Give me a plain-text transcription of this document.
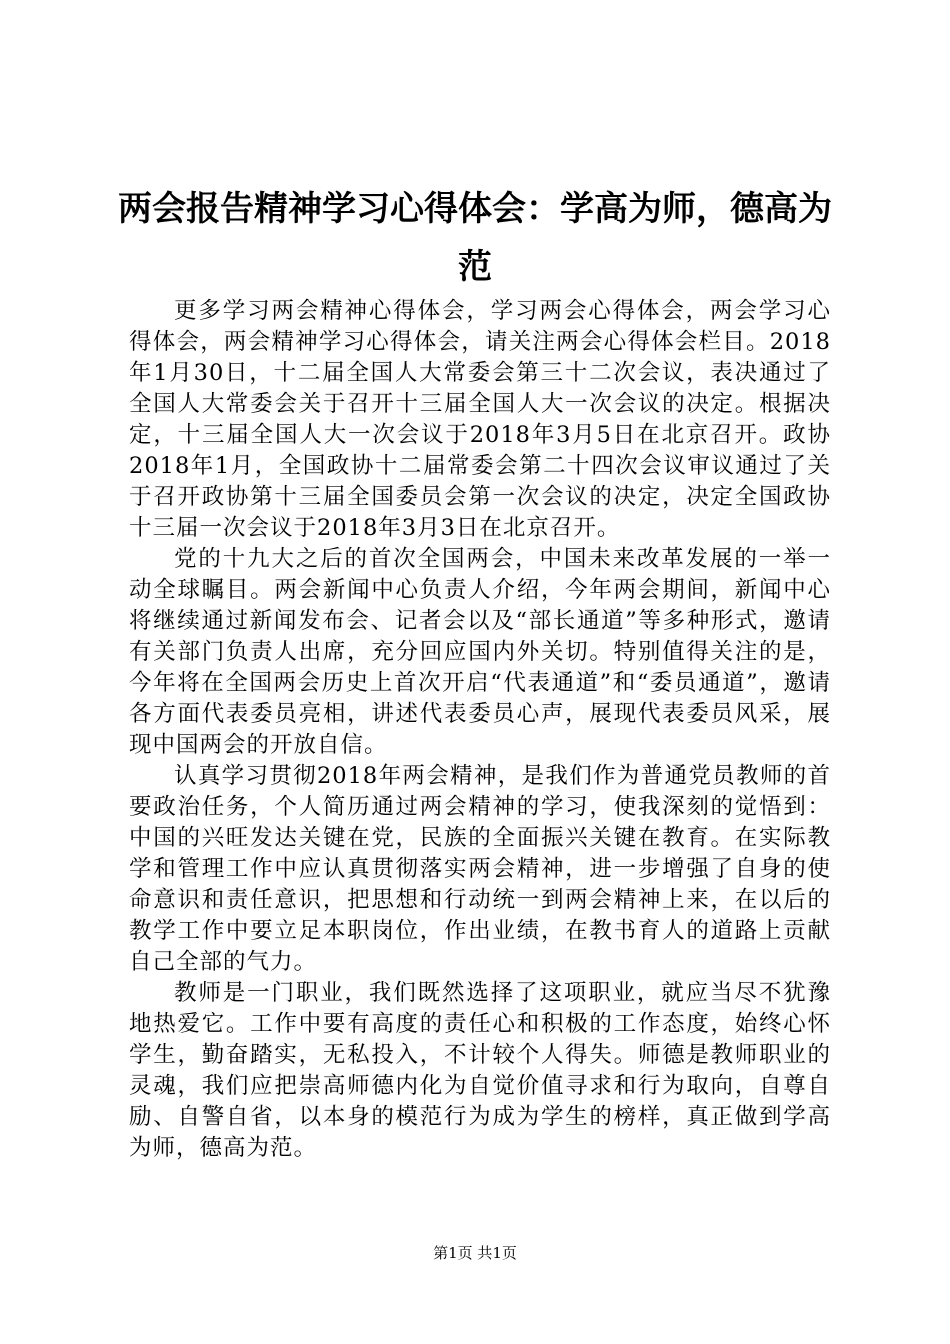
两会报告精神学习心得体会：学高为师，德高为范

更多学习两会精神心得体会，学习两会心得体会，两会学习心得体会，两会精神学习心得体会，请关注两会心得体会栏目。2018年1月30日，十二届全国人大常委会第三十二次会议，表决通过了全国人大常委会关于召开十三届全国人大一次会议的决定。根据决定，十三届全国人大一次会议于2018年3月5日在北京召开。政协2018年1月，全国政协十二届常委会第二十四次会议审议通过了关于召开政协第十三届全国委员会第一次会议的决定，决定全国政协十三届一次会议于2018年3月3日在北京召开。

党的十九大之后的首次全国两会，中国未来改革发展的一举一动全球瞩目。两会新闻中心负责人介绍，今年两会期间，新闻中心将继续通过新闻发布会、记者会以及“部长通道”等多种形式，邀请有关部门负责人出席，充分回应国内外关切。特别值得关注的是，今年将在全国两会历史上首次开启“代表通道”和“委员通道”，邀请各方面代表委员亮相，讲述代表委员心声，展现代表委员风采，展现中国两会的开放自信。

认真学习贯彻2018年两会精神，是我们作为普通党员教师的首要政治任务，个人简历通过两会精神的学习，使我深刻的觉悟到：中国的兴旺发达关键在党，民族的全面振兴关键在教育。在实际教学和管理工作中应认真贯彻落实两会精神，进一步增强了自身的使命意识和责任意识，把思想和行动统一到两会精神上来，在以后的教学工作中要立足本职岗位，作出业绩，在教书育人的道路上贡献自己全部的气力。

教师是一门职业，我们既然选择了这项职业，就应当尽不犹豫地热爱它。工作中要有高度的责任心和积极的工作态度，始终心怀学生，勤奋踏实，无私投入，不计较个人得失。师德是教师职业的灵魂，我们应把崇高师德内化为自觉价值寻求和行为取向，自尊自励、自警自省，以本身的模范行为成为学生的榜样，真正做到学高为师，德高为范。

第1页 共1页
